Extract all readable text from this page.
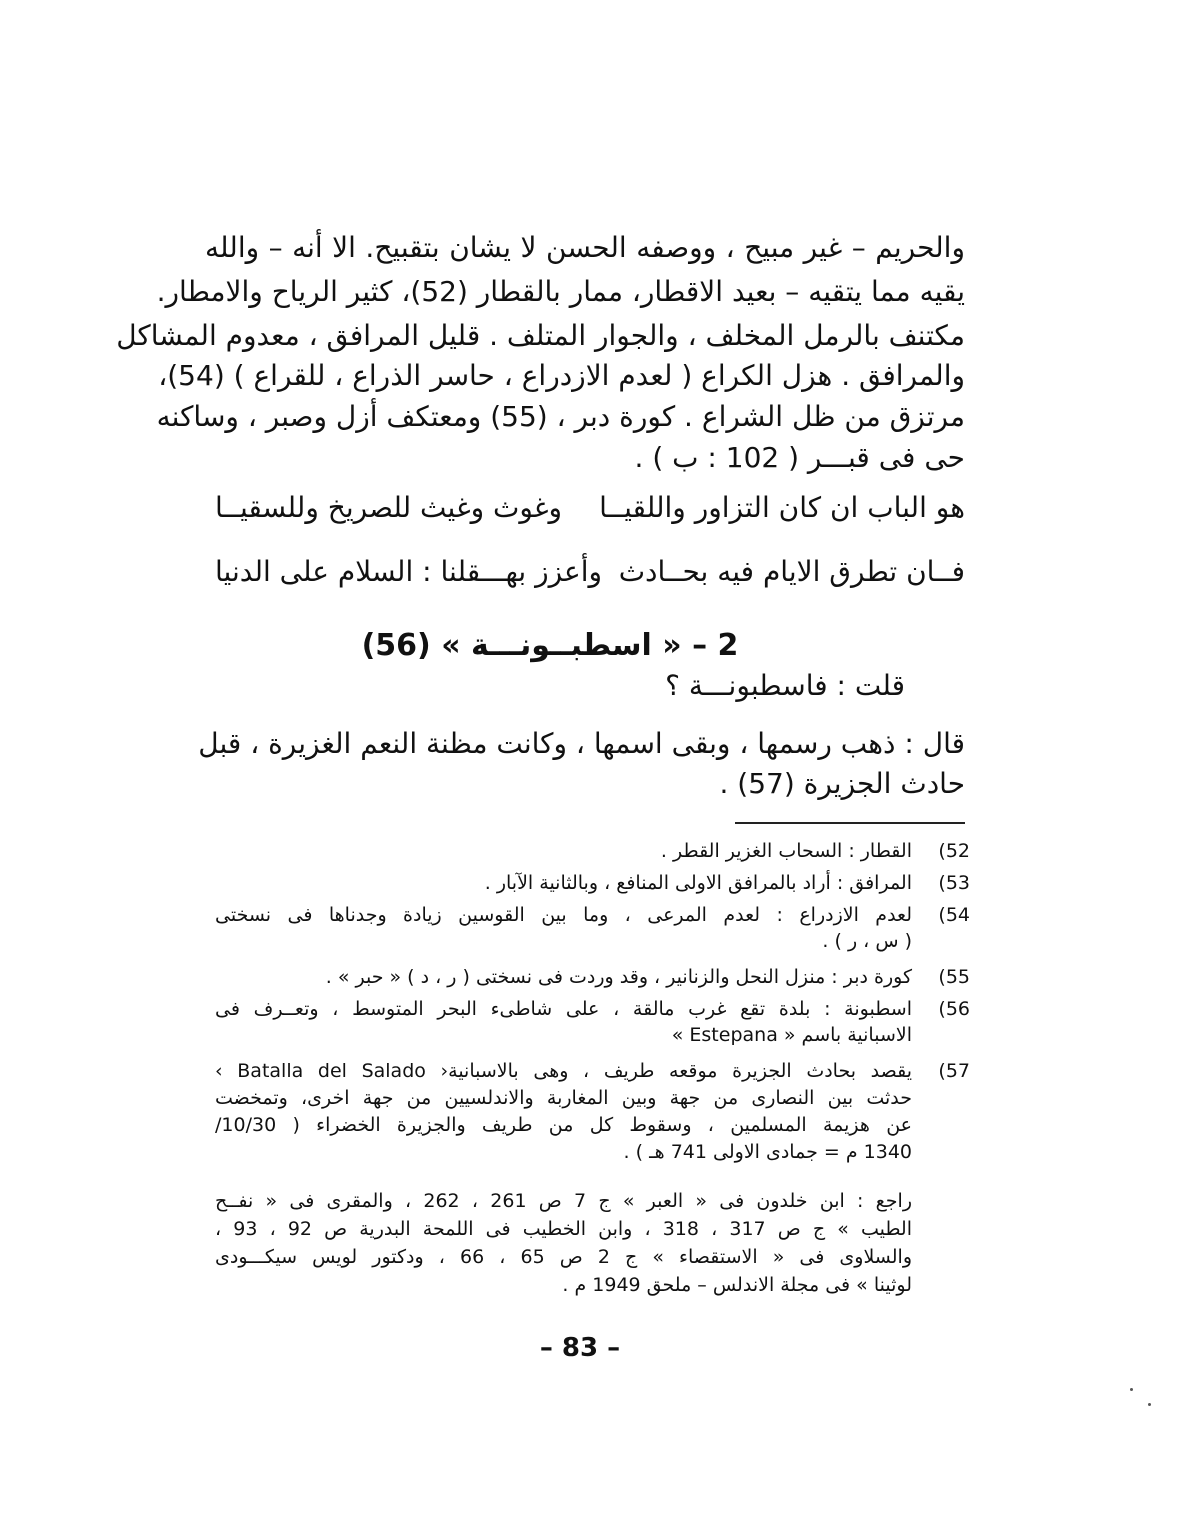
والحريم – غير مبيح ، ووصفه الحسن لا يشان بتقبيح. الا أنه – والله
يقيه مما يتقيه – بعيد الاقطار، ممار بالقطار (52)، كثير الرياح والامطار.
مكتنف بالرمل المخلف ، والجوار المتلف . قليل المرافق ، معدوم المشاكل
والمرافق . هزل الكراع ( لعدم الازدراع ، حاسر الذراع ، للقراع ) (54)،
مرتزق من ظل الشراع . كورة دبر ، (55) ومعتكف أزل وصبر ، وساكنه
حى فى قبـــر ( 102 : ب ) .
هو الباب ان كان التزاور واللقيــا
وغوث وغيث للصريخ وللسقيــا
فــان تطرق الايام فيه بحــادث
وأعزز بهـــقلنا : السلام على الدنيا
2 – « اسطبــونـــة » (56)
قلت : فاسطبونـــة ؟
قال : ذهب رسمها ، وبقى اسمها ، وكانت مظنة النعم الغزيرة ، قبل
حادث الجزيرة (57) .
52)
القطار : السحاب الغزير القطر .
53)
المرافق : أراد بالمرافق الاولى المنافع ، وبالثانية الآبار .
54)
لعدم الازدراع : لعدم المرعى ، وما بين القوسين زيادة وجدناها فى نسختى
( س ، ر ) .
55)
كورة دبر : منزل النحل والزنانير ، وقد وردت فى نسختى ( ر ، د ) « حبر » .
56)
اسطبونة : بلدة تقع غرب مالقة ، على شاطىء البحر المتوسط ، وتعــرف فى
الاسبانية باسم « Estepana »
57)
يقصد بحادث الجزيرة موقعه طريف ، وهى بالاسبانية‹ Batalla del Salado ›
حدثت بين النصارى من جهة وبين المغاربة والاندلسيين من جهة اخرى، وتمخضت
عن هزيمة المسلمين ، وسقوط كل من طريف والجزيرة الخضراء ( 10/30/
1340 م = جمادى الاولى 741 هـ ) .
راجع : ابن خلدون فى « العبر » ج 7 ص 261 ، 262 ، والمقرى فى « نفــح
الطيب » ج ص 317 ، 318 ، وابن الخطيب فى اللمحة البدرية ص 92 ، 93 ،
والسلاوى فى « الاستقصاء » ج 2 ص 65 ، 66 ، ودكتور لويس سيكـــودى
لوثينا » فى مجلة الاندلس – ملحق 1949 م .
– 83 –
